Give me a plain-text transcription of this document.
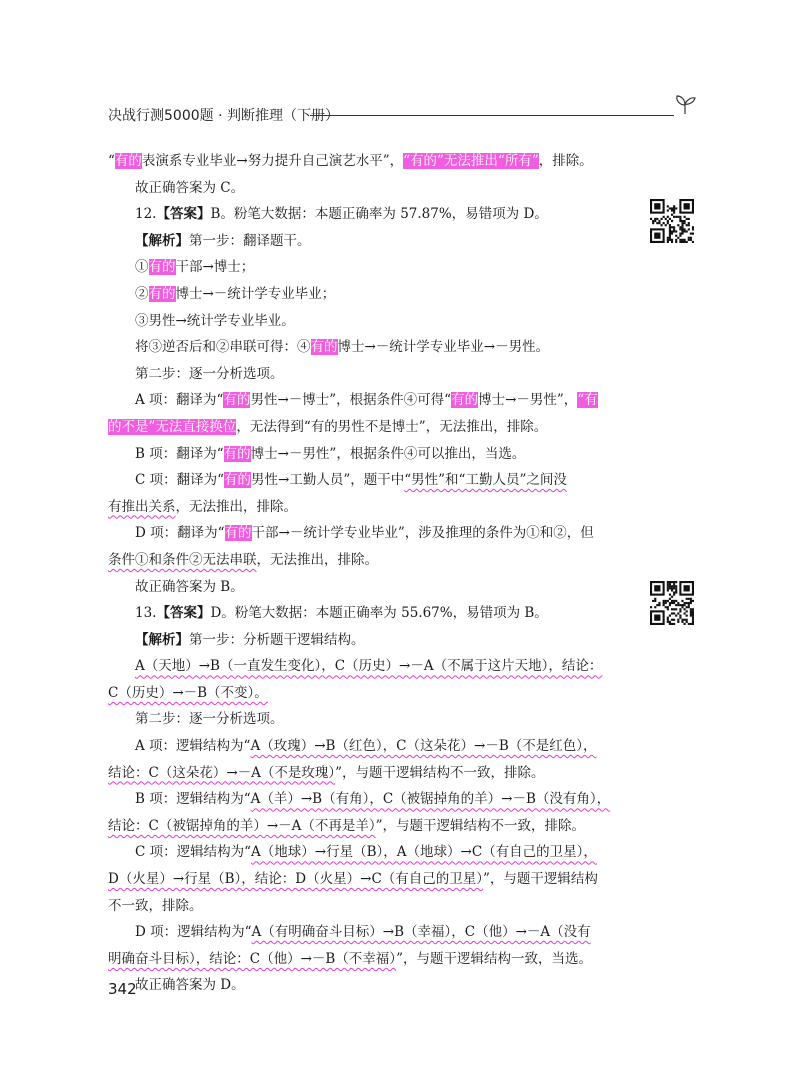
决战行测5000题 · 判断推理（下册）
“有的表演系专业毕业→努力提升自己演艺水平”，“有的”无法推出“所有”，排除。
故正确答案为 C。
12.【答案】B。粉笔大数据：本题正确率为 57.87%，易错项为 D。
【解析】第一步：翻译题干。
①有的干部→博士；
②有的博士→－统计学专业毕业；
③男性→统计学专业毕业。
将③逆否后和②串联可得：④有的博士→－统计学专业毕业→－男性。
第二步：逐一分析选项。
A 项：翻译为“有的男性→－博士”，根据条件④可得“有的博士→－男性”，“有
的不是”无法直接换位，无法得到“有的男性不是博士”，无法推出，排除。
B 项：翻译为“有的博士→－男性”，根据条件④可以推出，当选。
C 项：翻译为“有的男性→工勤人员”，题干中“男性”和“工勤人员”之间没
有推出关系，无法推出，排除。
D 项：翻译为“有的干部→－统计学专业毕业”，涉及推理的条件为①和②，但
条件①和条件②无法串联，无法推出，排除。
故正确答案为 B。
13.【答案】D。粉笔大数据：本题正确率为 55.67%，易错项为 B。
【解析】第一步：分析题干逻辑结构。
A（天地）→B（一直发生变化），C（历史）→－A（不属于这片天地），结论：
C（历史）→－B（不变）。
第二步：逐一分析选项。
A 项：逻辑结构为“A（玫瑰）→B（红色），C（这朵花）→－B（不是红色），
结论：C（这朵花）→－A（不是玫瑰）”，与题干逻辑结构不一致，排除。
B 项：逻辑结构为“A（羊）→B（有角），C（被锯掉角的羊）→－B（没有角），
结论：C（被锯掉角的羊）→－A（不再是羊）”，与题干逻辑结构不一致，排除。
C 项：逻辑结构为“A（地球）→行星（B），A（地球）→C（有自己的卫星），
D（火星）→行星（B），结论：D（火星）→C（有自己的卫星）”，与题干逻辑结构
不一致，排除。
D 项：逻辑结构为“A（有明确奋斗目标）→B（幸福），C（他）→－A（没有
明确奋斗目标），结论：C（他）→－B（不幸福）”，与题干逻辑结构一致，当选。
故正确答案为 D。
342
